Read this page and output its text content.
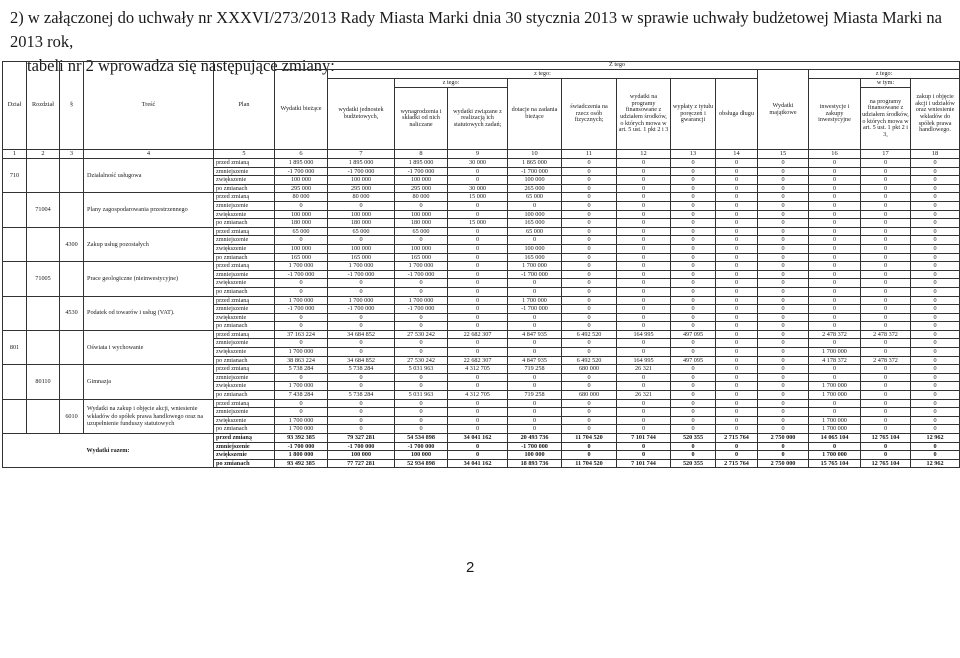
2) w załączonej do uchwały nr XXXVI/273/2013 Rady Miasta Marki dnia 30 stycznia 2013 w sprawie uchwały budżetowej Miasta Marki na 2013 rok,
tabeli nr 2 wprowadza się następujące zmiany:
Dział	Rozdział	§	Treść	Plan	Z tego													
					Wydatki bieżące	z tego:								Wydatki majątkowe	z tego:			
						wydatki jednostek budżetowych,	z tego:		dotacje na zadania bieżące	świadczenia na rzecz osób fizycznych;	wydatki na programy finansowane z udziałem środków, o których mowa w art. 5 ust. 1 pkt 2 i 3	wypłaty z tytułu poręczeń i gwarancji	obsługa długu		inwestycje i zakupy inwestycyjne	w tym:	zakup i objęcie akcji i udziałów oraz wniesienie wkładów do spółek prawa handlowego.	
							wynagrodzenia i składki od nich naliczane	wydatki związane z realizacją ich statutowych zadań;								na programy finansowane z udziałem środków, o których mowa w art. 5 ust. 1 pkt 2 i 3,		

1	2	3	4	5	6	7	8	9	10	11	12	13	14	15	16	17	18	
710			Działalność usługowa	przed zmianą	1 895 000	1 895 000	1 895 000	30 000	1 865 000	0	0	0	0	0	0	0	0	
				zmniejszenie	-1 700 000	-1 700 000	-1 700 000	0	-1 700 000	0	0	0	0	0	0	0	0	
				zwiększenie	100 000	100 000	100 000	0	100 000	0	0	0	0	0	0	0	0	
				po zmianach	295 000	295 000	295 000	30 000	265 000	0	0	0	0	0	0	0	0	
	71004		Plany zagospodarowania przestrzennego	przed zmianą	80 000	80 000	80 000	15 000	65 000	0	0	0	0	0	0	0	0	
				zmniejszenie	0	0	0	0	0	0	0	0	0	0	0	0	0	
				zwiększenie	100 000	100 000	100 000	0	100 000	0	0	0	0	0	0	0	0	
				po zmianach	180 000	180 000	180 000	15 000	165 000	0	0	0	0	0	0	0	0	
		4300	Zakup usług pozostałych	przed zmianą	65 000	65 000	65 000	0	65 000	0	0	0	0	0	0	0	0	
				zmniejszenie	0	0	0	0	0	0	0	0	0	0	0	0	0	
				zwiększenie	100 000	100 000	100 000	0	100 000	0	0	0	0	0	0	0	0	
				po zmianach	165 000	165 000	165 000	0	165 000	0	0	0	0	0	0	0	0	
	71005		Prace geologiczne (nieinwestycyjne)	przed zmianą	1 700 000	1 700 000	1 700 000	0	1 700 000	0	0	0	0	0	0	0	0	
				zmniejszenie	-1 700 000	-1 700 000	-1 700 000	0	-1 700 000	0	0	0	0	0	0	0	0	
				zwiększenie	0	0	0	0	0	0	0	0	0	0	0	0	0	
				po zmianach	0	0	0	0	0	0	0	0	0	0	0	0	0	
		4530	Podatek od towarów i usług (VAT).	przed zmianą	1 700 000	1 700 000	1 700 000	0	1 700 000	0	0	0	0	0	0	0	0	
				zmniejszenie	-1 700 000	-1 700 000	-1 700 000	0	-1 700 000	0	0	0	0	0	0	0	0	
				zwiększenie	0	0	0	0	0	0	0	0	0	0	0	0	0	
				po zmianach	0	0	0	0	0	0	0	0	0	0	0	0	0	
801			Oświata i wychowanie	przed zmianą	37 163 224	34 684 852	27 530 242	22 682 307	4 847 935	6 492 520	164 995	497 095	0	0	2 478 372	2 478 372	0	
				zmniejszenie	0	0	0	0	0	0	0	0	0	0	0	0	0	
				zwiększenie	1 700 000	0	0	0	0	0	0	0	0	0	1 700 000	0	0	
				po zmianach	38 863 224	34 684 852	27 530 242	22 682 307	4 847 935	6 492 520	164 995	497 095	0	0	4 178 372	2 478 372	0	
	80110		Gimnazja	przed zmianą	5 738 284	5 738 284	5 031 963	4 312 705	719 258	680 000	26 321	0	0	0	0	0	0	
				zmniejszenie	0	0	0	0	0	0	0	0	0	0	0	0	0	
				zwiększenie	1 700 000	0	0	0	0	0	0	0	0	0	1 700 000	0	0	
				po zmianach	7 438 284	5 738 284	5 031 963	4 312 705	719 258	680 000	26 321	0	0	0	1 700 000	0	0	
		6010	Wydatki na zakup i objęcie akcji, wniesienie wkładów do spółek prawa handlowego oraz na uzupełnienie funduszy statutowych	przed zmianą	0	0	0	0	0	0	0	0	0	0	0	0	0	
				zmniejszenie	0	0	0	0	0	0	0	0	0	0	0	0	0	
				zwiększenie	1 700 000	0	0	0	0	0	0	0	0	0	1 700 000	0	0	
				po zmianach	1 700 000	0	0	0	0	0	0	0	0	0	1 700 000	0	0	
Wydatki razem:				przed zmianą	93 392 385	79 327 281	54 534 898	34 041 162	20 493 736	11 704 520	7 101 744	520 355	2 715 764	2 750 000	14 065 104	12 765 104	12 962	
				zmniejszenie	-1 700 000	-1 700 000	-1 700 000	0	-1 700 000	0	0	0	0	0	0	0	0	
				zwiększenie	1 800 000	100 000	100 000	0	100 000	0	0	0	0	0	1 700 000	0	0	
				po zmianach	93 492 385	77 727 281	52 934 898	34 041 162	18 893 736	11 704 520	7 101 744	520 355	2 715 764	2 750 000	15 765 104	12 765 104	12 962	
2
